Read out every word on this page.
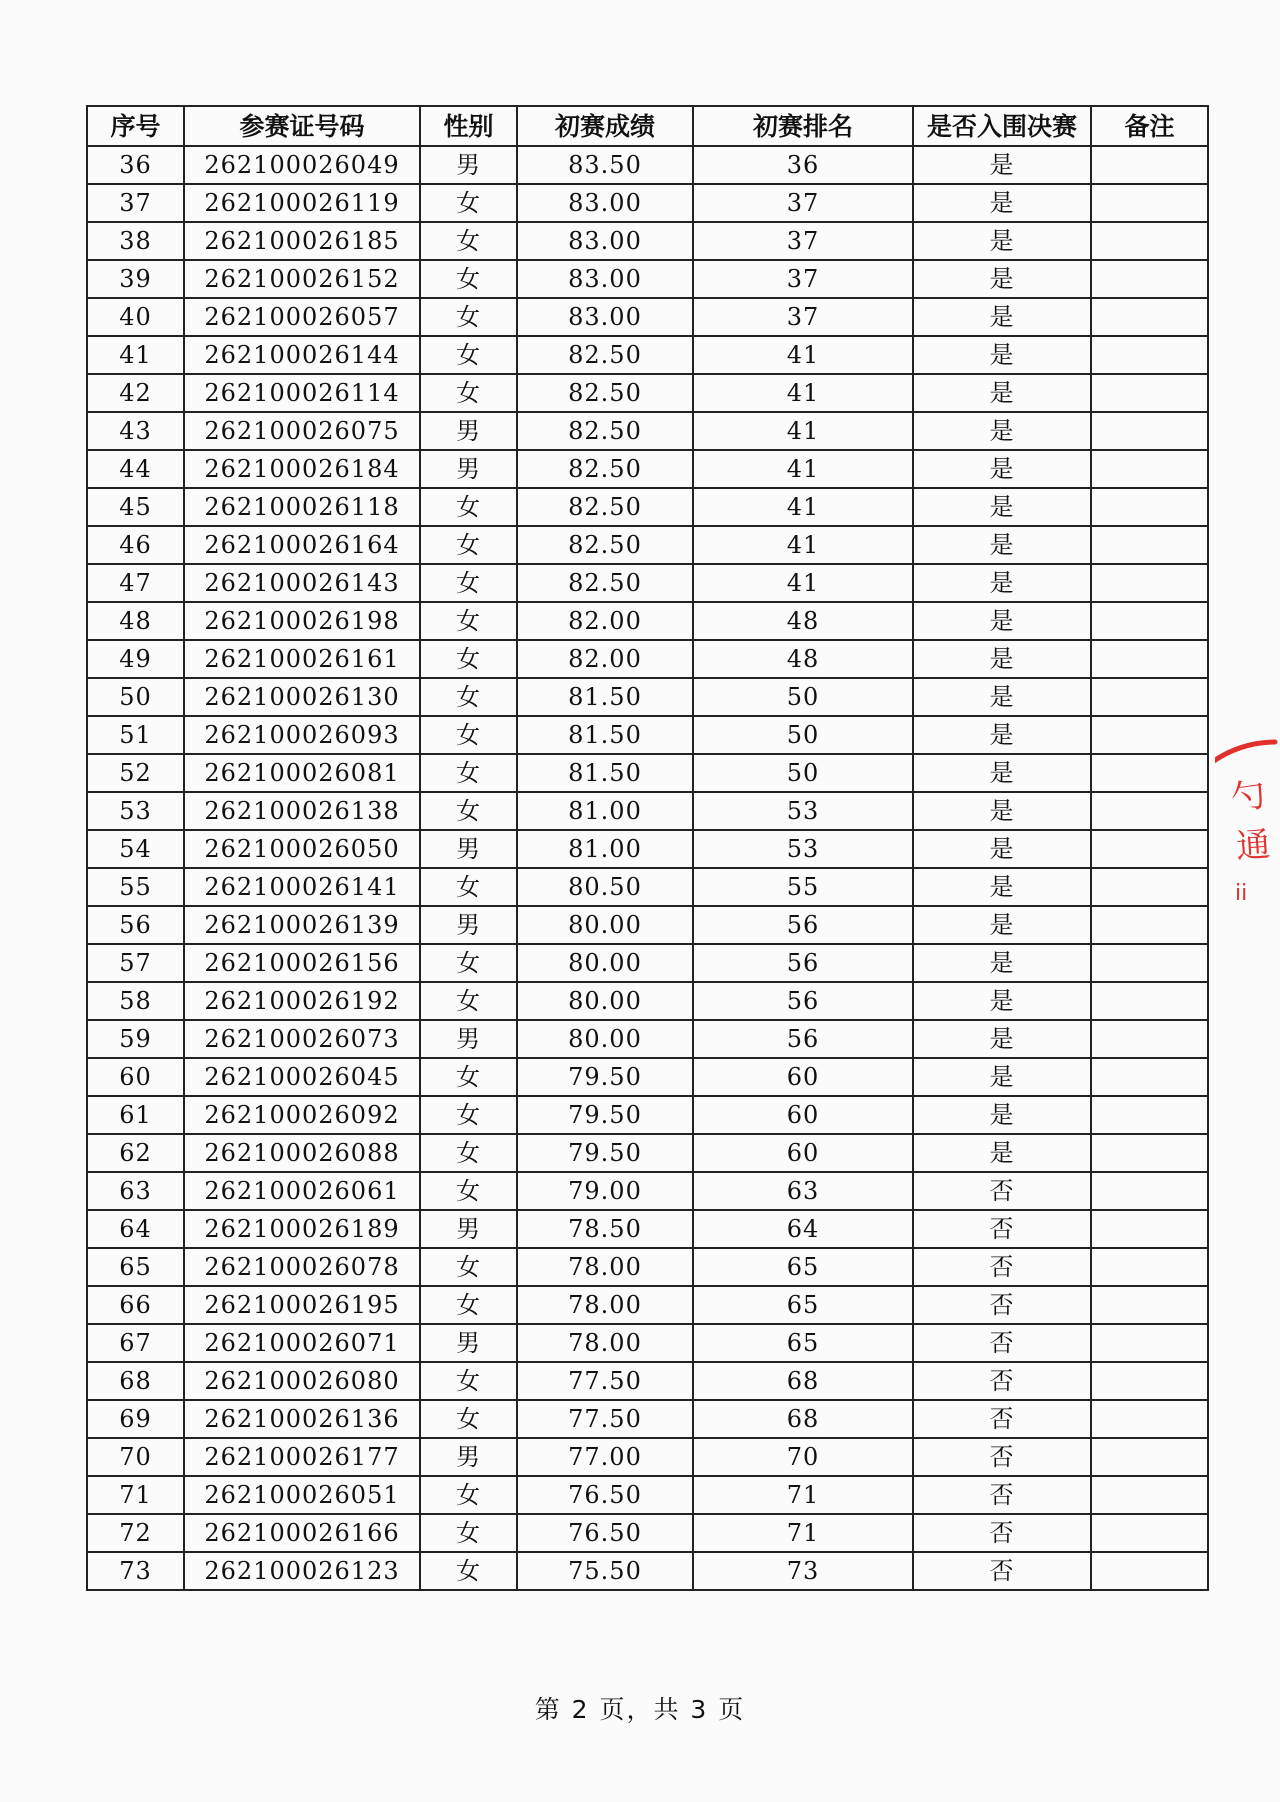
序号	参赛证号码	性别	初赛成绩	初赛排名	是否入围决赛	备注
36	262100026049	男	83.50	36	是	
37	262100026119	女	83.00	37	是	
38	262100026185	女	83.00	37	是	
39	262100026152	女	83.00	37	是	
40	262100026057	女	83.00	37	是	
41	262100026144	女	82.50	41	是	
42	262100026114	女	82.50	41	是	
43	262100026075	男	82.50	41	是	
44	262100026184	男	82.50	41	是	
45	262100026118	女	82.50	41	是	
46	262100026164	女	82.50	41	是	
47	262100026143	女	82.50	41	是	
48	262100026198	女	82.00	48	是	
49	262100026161	女	82.00	48	是	
50	262100026130	女	81.50	50	是	
51	262100026093	女	81.50	50	是	
52	262100026081	女	81.50	50	是	
53	262100026138	女	81.00	53	是	
54	262100026050	男	81.00	53	是	
55	262100026141	女	80.50	55	是	
56	262100026139	男	80.00	56	是	
57	262100026156	女	80.00	56	是	
58	262100026192	女	80.00	56	是	
59	262100026073	男	80.00	56	是	
60	262100026045	女	79.50	60	是	
61	262100026092	女	79.50	60	是	
62	262100026088	女	79.50	60	是	
63	262100026061	女	79.00	63	否	
64	262100026189	男	78.50	64	否	
65	262100026078	女	78.00	65	否	
66	262100026195	女	78.00	65	否	
67	262100026071	男	78.00	65	否	
68	262100026080	女	77.50	68	否	
69	262100026136	女	77.50	68	否	
70	262100026177	男	77.00	70	否	
71	262100026051	女	76.50	71	否	
72	262100026166	女	76.50	71	否	
73	262100026123	女	75.50	73	否	
勺
通
ii
第 2 页，共 3 页
